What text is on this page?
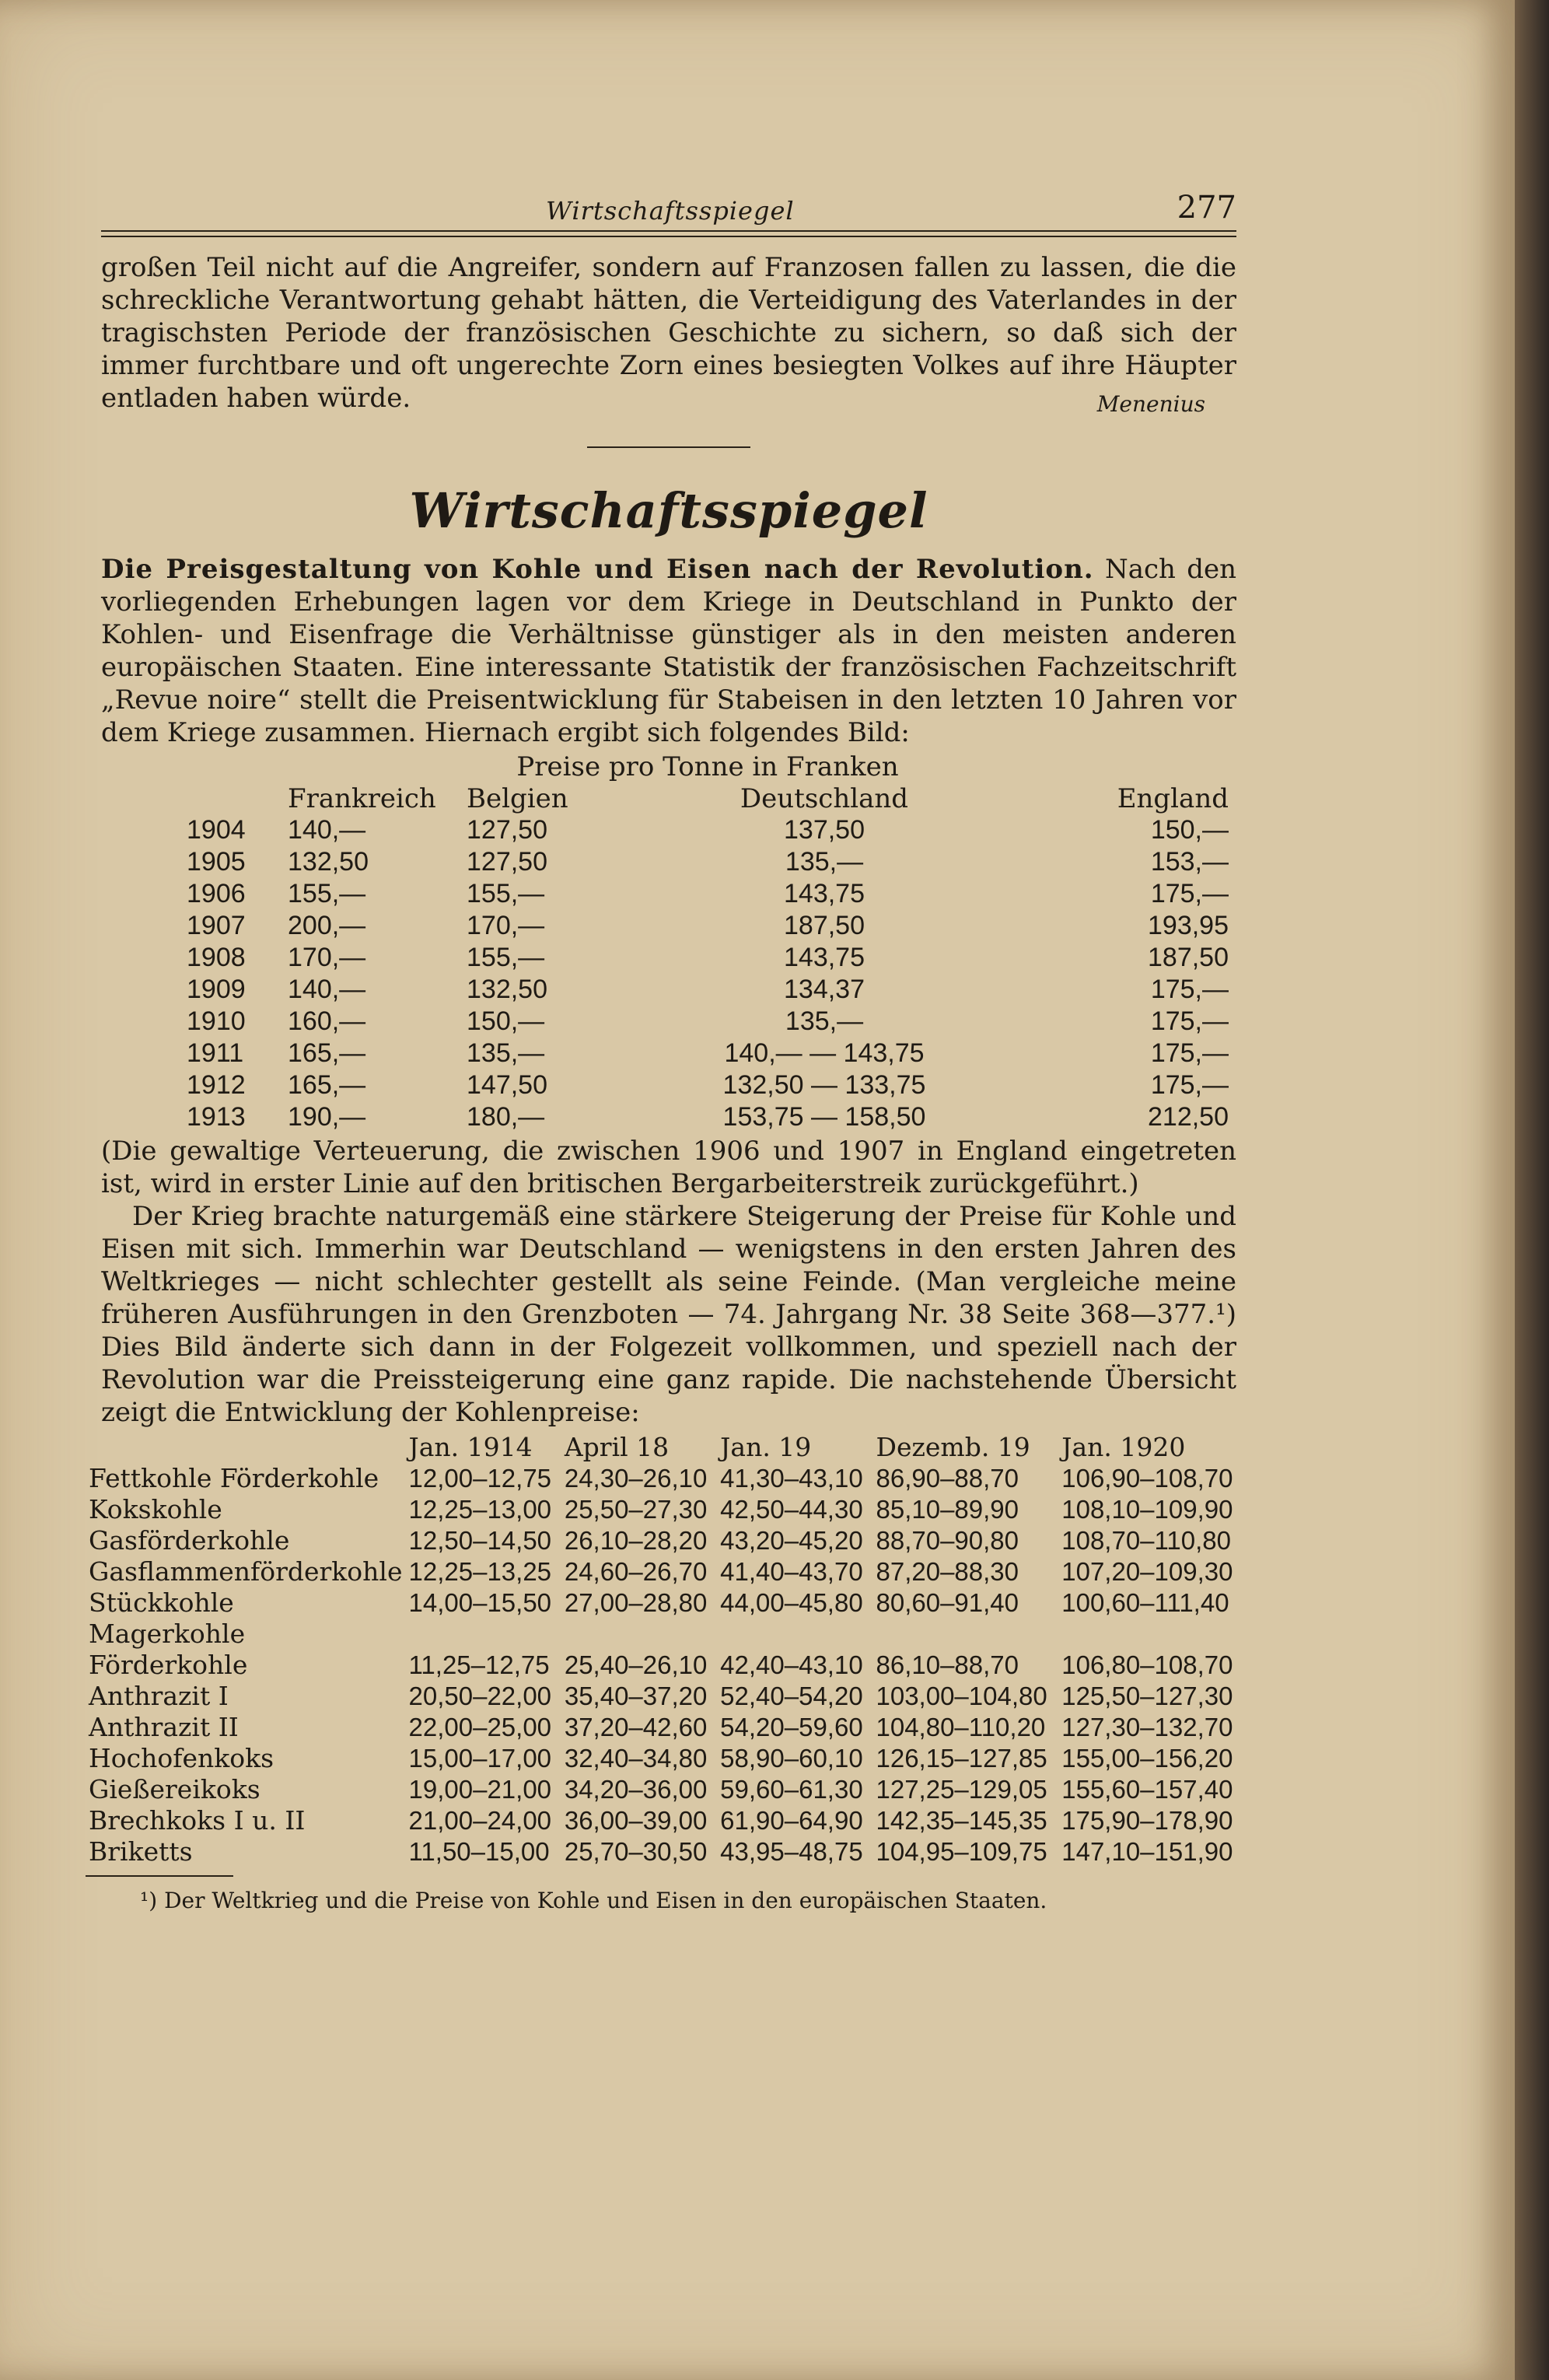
Wirtschaftsspiegel	277

großen Teil nicht auf die Angreifer, sondern auf Franzosen fallen zu lassen, die die schreckliche Verantwortung gehabt hätten, die Verteidigung des Vaterlandes in der tragischsten Periode der französischen Geschichte zu sichern, so daß sich der immer furchtbare und oft ungerechte Zorn eines besiegten Volkes auf ihre Häupter entladen haben würde.	Menenius
Wirtschaftsspiegel

Die Preisgestaltung von Kohle und Eisen nach der Revolution. Nach den vorliegenden Erhebungen lagen vor dem Kriege in Deutschland in Punkto der Kohlen- und Eisenfrage die Verhältnisse günstiger als in den meisten anderen europäischen Staaten. Eine interessante Statistik der französischen Fachzeitschrift „Revue noire“ stellt die Preisentwicklung für Stabeisen in den letzten 10 Jahren vor dem Kriege zusammen. Hiernach ergibt sich folgendes Bild:

		Preise pro Tonne in Franken		
	Frankreich	Belgien	Deutschland	England
1904	140,—	127,50	137,50	150,—
1905	132,50	127,50	135,—	153,—
1906	155,—	155,—	143,75	175,—
1907	200,—	170,—	187,50	193,95
1908	170,—	155,—	143,75	187,50
1909	140,—	132,50	134,37	175,—
1910	160,—	150,—	135,—	175,—
1911	165,—	135,—	140,— — 143,75	175,—
1912	165,—	147,50	132,50 — 133,75	175,—
1913	190,—	180,—	153,75 — 158,50	212,50

(Die gewaltige Verteuerung, die zwischen 1906 und 1907 in England eingetreten ist, wird in erster Linie auf den britischen Bergarbeiterstreik zurückgeführt.)

Der Krieg brachte naturgemäß eine stärkere Steigerung der Preise für Kohle und Eisen mit sich. Immerhin war Deutschland — wenigstens in den ersten Jahren des Weltkrieges — nicht schlechter gestellt als seine Feinde. (Man vergleiche meine früheren Ausführungen in den Grenzboten — 74. Jahrgang Nr. 38 Seite 368—377.¹) Dies Bild änderte sich dann in der Folgezeit vollkommen, und speziell nach der Revolution war die Preissteigerung eine ganz rapide. Die nachstehende Übersicht zeigt die Entwicklung der Kohlenpreise:

	Jan. 1914	April 18	Jan. 19	Dezemb. 19	Jan. 1920
Fettkohle Förderkohle	12,00–12,75	24,30–26,10	41,30–43,10	86,90–88,70	106,90–108,70
Kokskohle	12,25–13,00	25,50–27,30	42,50–44,30	85,10–89,90	108,10–109,90
Gasförderkohle	12,50–14,50	26,10–28,20	43,20–45,20	88,70–90,80	108,70–110,80
Gasflammenförderkohle	12,25–13,25	24,60–26,70	41,40–43,70	87,20–88,30	107,20–109,30
Stückkohle	14,00–15,50	27,00–28,80	44,00–45,80	80,60–91,40	100,60–111,40
Magerkohle Förderkohle	11,25–12,75	25,40–26,10	42,40–43,10	86,10–88,70	106,80–108,70
Anthrazit I	20,50–22,00	35,40–37,20	52,40–54,20	103,00–104,80	125,50–127,30
Anthrazit II	22,00–25,00	37,20–42,60	54,20–59,60	104,80–110,20	127,30–132,70
Hochofenkoks	15,00–17,00	32,40–34,80	58,90–60,10	126,15–127,85	155,00–156,20
Gießereikoks	19,00–21,00	34,20–36,00	59,60–61,30	127,25–129,05	155,60–157,40
Brechkoks I u. II	21,00–24,00	36,00–39,00	61,90–64,90	142,35–145,35	175,90–178,90
Briketts	11,50–15,00	25,70–30,50	43,95–48,75	104,95–109,75	147,10–151,90
¹) Der Weltkrieg und die Preise von Kohle und Eisen in den europäischen Staaten.
